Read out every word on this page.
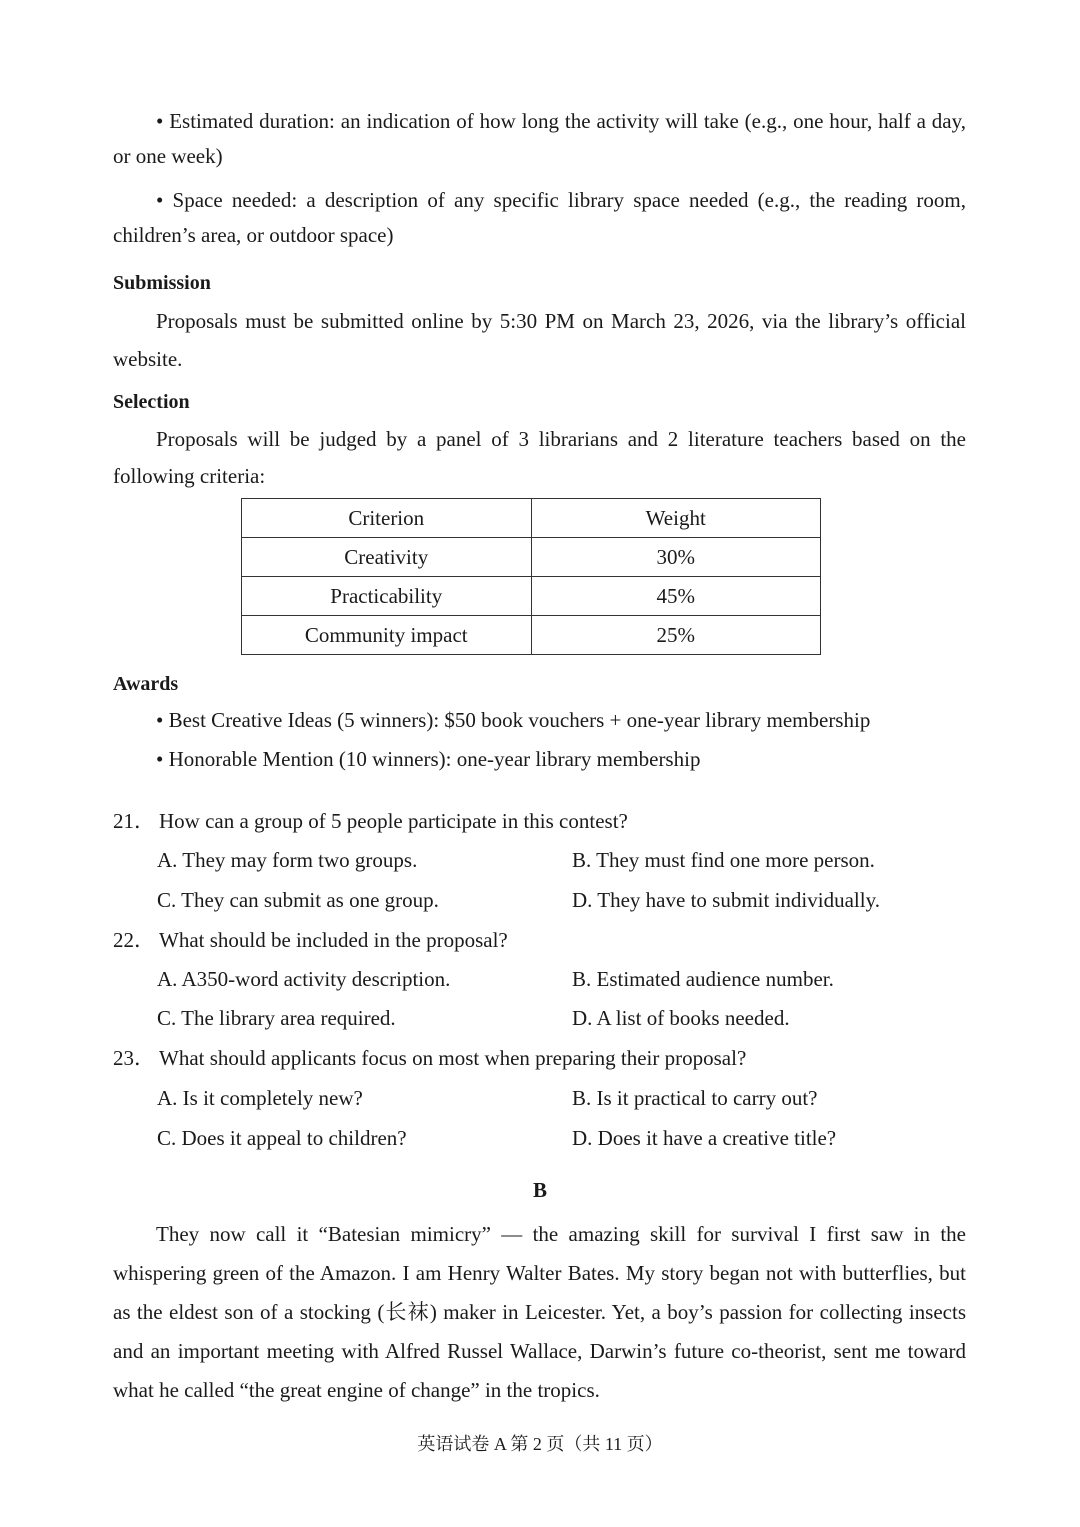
• Estimated duration: an indication of how long the activity will take (e.g., one hour, half a day, or one week)
• Space needed: a description of any specific library space needed (e.g., the reading room, children’s area, or outdoor space)
Submission
Proposals must be submitted online by 5:30 PM on March 23, 2026, via the library’s official website.
Selection
Proposals will be judged by a panel of 3 librarians and 2 literature teachers based on the following criteria:
Criterion	Weight
Creativity	30%
Practicability	45%
Community impact	25%
Awards
• Best Creative Ideas (5 winners): $50 book vouchers + one-year library membership
• Honorable Mention (10 winners): one-year library membership
21． How can a group of 5 people participate in this contest?
A. They may form two groups.	B. They must find one more person.
C. They can submit as one group.	D. They have to submit individually.
22． What should be included in the proposal?
A. A350-word activity description.	B. Estimated audience number.
C. The library area required.	D. A list of books needed.
23． What should applicants focus on most when preparing their proposal?
A. Is it completely new?	B. Is it practical to carry out?
C. Does it appeal to children?	D. Does it have a creative title?
B
They now call it “Batesian mimicry” — the amazing skill for survival I first saw in the whispering green of the Amazon. I am Henry Walter Bates. My story began not with butterflies, but as the eldest son of a stocking (长袜) maker in Leicester. Yet, a boy’s passion for collecting insects and an important meeting with Alfred Russel Wallace, Darwin’s future co-theorist, sent me toward what he called “the great engine of change” in the tropics.
英语试卷 A 第 2 页（共 11 页）
